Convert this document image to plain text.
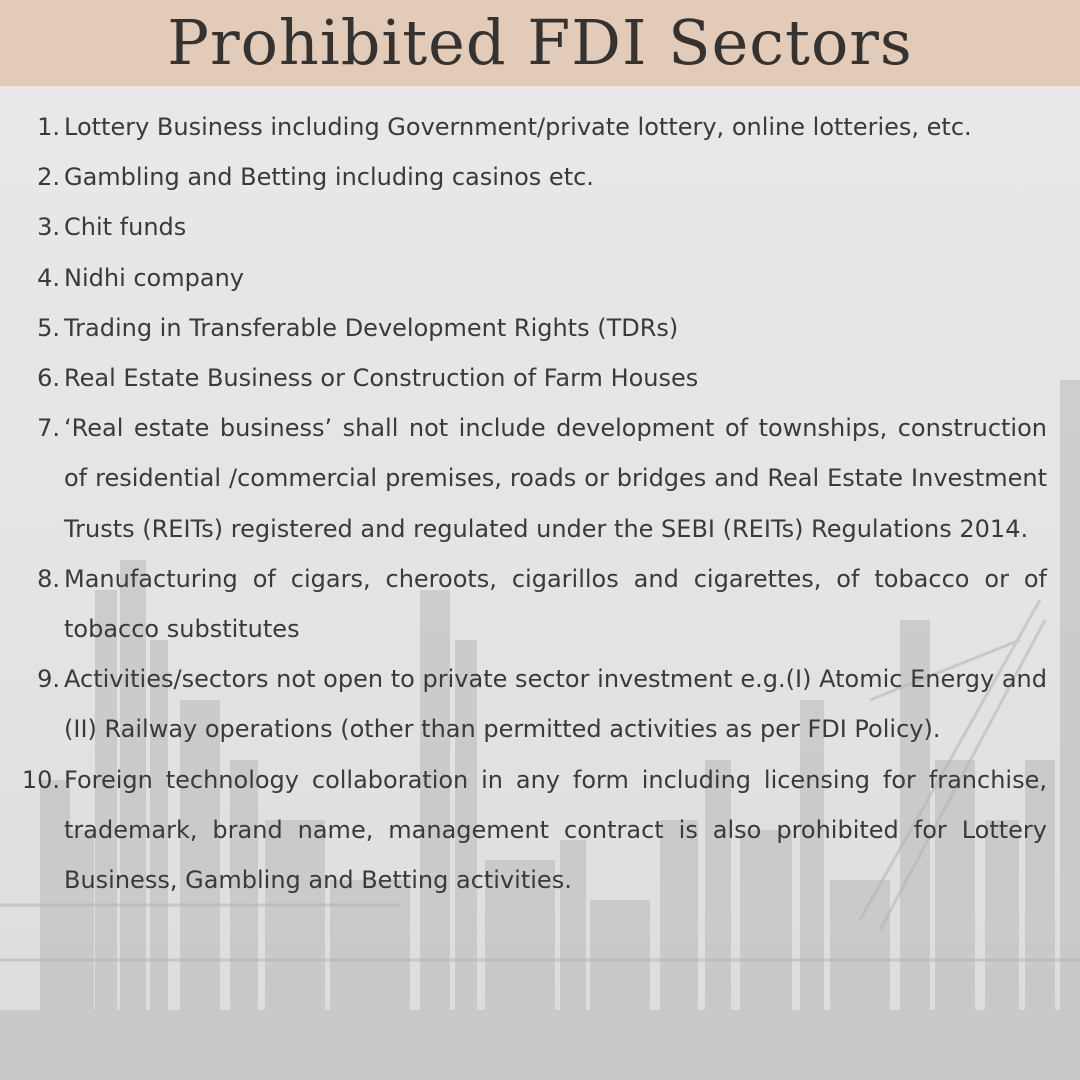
Prohibited FDI Sectors
1. Lottery Business including Government/private lottery, online lotteries, etc.
2. Gambling and Betting including casinos etc.
3. Chit funds
4. Nidhi company
5. Trading in Transferable Development Rights (TDRs)
6. Real Estate Business or Construction of Farm Houses
7. ‘Real estate business’ shall not include development of townships, construction of residential /commercial premises, roads or bridges and Real Estate Investment Trusts (REITs) registered and regulated under the SEBI (REITs) Regulations 2014.
8. Manufacturing of cigars, cheroots, cigarillos and cigarettes, of tobacco or of tobacco substitutes
9. Activities/sectors not open to private sector investment e.g.(I) Atomic Energy and (II) Railway operations (other than permitted activities as per FDI Policy).
10. Foreign technology collaboration in any form including licensing for franchise, trademark, brand name, management contract is also prohibited for Lottery Business, Gambling and Betting activities.
